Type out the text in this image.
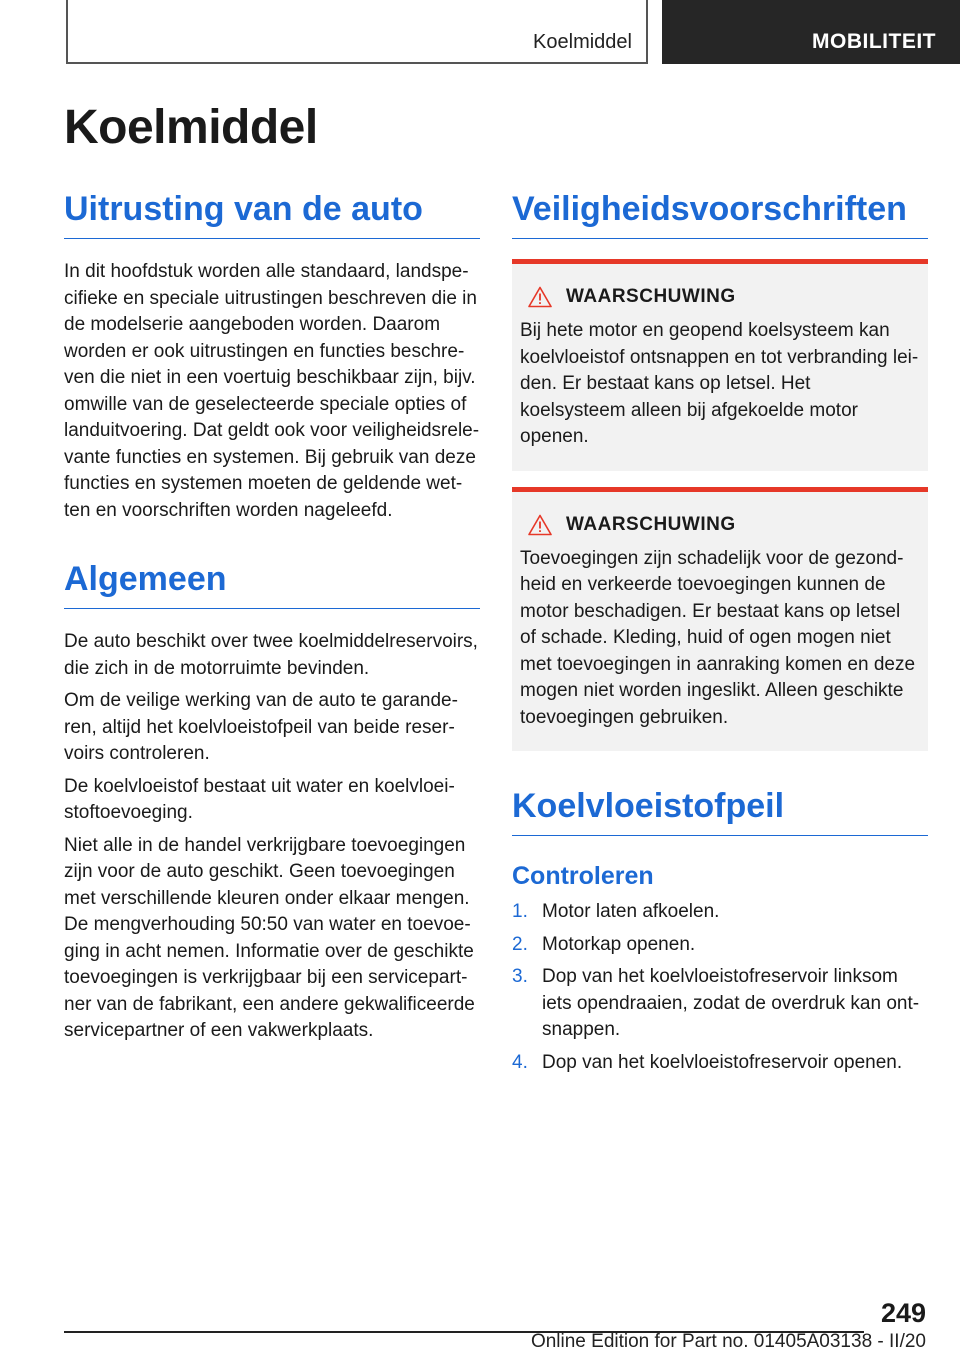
Koelmiddel	MOBILITEIT
Koelmiddel
Uitrusting van de auto

In dit hoofdstuk worden alle standaard, landspecifieke en speciale uitrustingen beschreven die in de modelserie aangeboden worden. Daarom worden er ook uitrustingen en functies beschreven die niet in een voertuig beschikbaar zijn, bijv. omwille van de geselecteerde speciale opties of landuitvoering. Dat geldt ook voor veiligheidsrelevante functies en systemen. Bij gebruik van deze functies en systemen moeten de geldende wetten en voorschriften worden nageleefd.

Algemeen

De auto beschikt over twee koelmiddelreservoirs, die zich in de motorruimte bevinden.

Om de veilige werking van de auto te garanderen, altijd het koelvloeistofpeil van beide reservoirs controleren.

De koelvloeistof bestaat uit water en koelvloeistoftoevoeging.

Niet alle in de handel verkrijgbare toevoegingen zijn voor de auto geschikt. Geen toevoegingen met verschillende kleuren onder elkaar mengen. De mengverhouding 50:50 van water en toevoeging in acht nemen. Informatie over de geschikte toevoegingen is verkrijgbaar bij een servicepartner van de fabrikant, een andere gekwalificeerde servicepartner of een vakwerkplaats.

Veiligheidsvoorschriften
WAARSCHUWING

Bij hete motor en geopend koelsysteem kan koelvloeistof ontsnappen en tot verbranding leiden. Er bestaat kans op letsel. Het koelsysteem alleen bij afgekoelde motor openen.

WAARSCHUWING

Toevoegingen zijn schadelijk voor de gezondheid en verkeerde toevoegingen kunnen de motor beschadigen. Er bestaat kans op letsel of schade. Kleding, huid of ogen mogen niet met toevoegingen in aanraking komen en deze mogen niet worden ingeslikt. Alleen geschikte toevoegingen gebruiken.

Koelvloeistofpeil
Controleren
1. Motor laten afkoelen.
2. Motorkap openen.
3. Dop van het koelvloeistofreservoir linksom iets opendraaien, zodat de overdruk kan ontsnappen.
4. Dop van het koelvloeistofreservoir openen.
249
Online Edition for Part no. 01405A03138 - II/20
